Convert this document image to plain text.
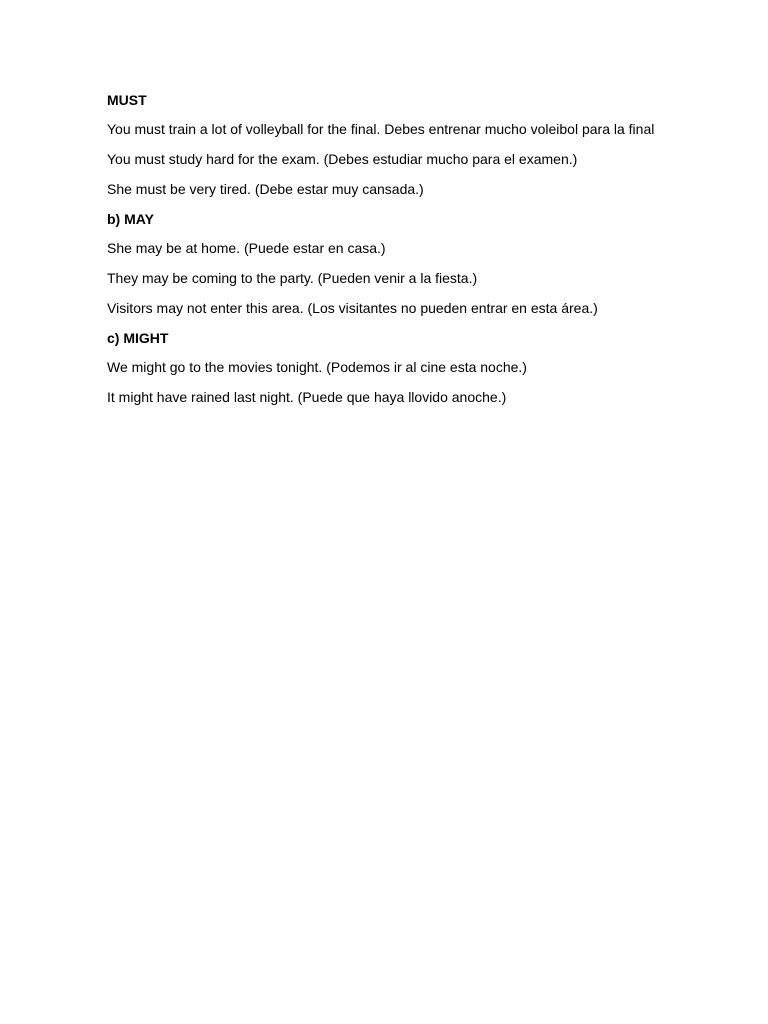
MUST

You must train a lot of volleyball for the final. Debes entrenar mucho voleibol para la final

You must study hard for the exam. (Debes estudiar mucho para el examen.)

She must be very tired. (Debe estar muy cansada.)

b) MAY

She may be at home. (Puede estar en casa.)

They may be coming to the party. (Pueden venir a la fiesta.)

Visitors may not enter this area. (Los visitantes no pueden entrar en esta área.)

c) MIGHT

We might go to the movies tonight. (Podemos ir al cine esta noche.)

It might have rained last night. (Puede que haya llovido anoche.)
